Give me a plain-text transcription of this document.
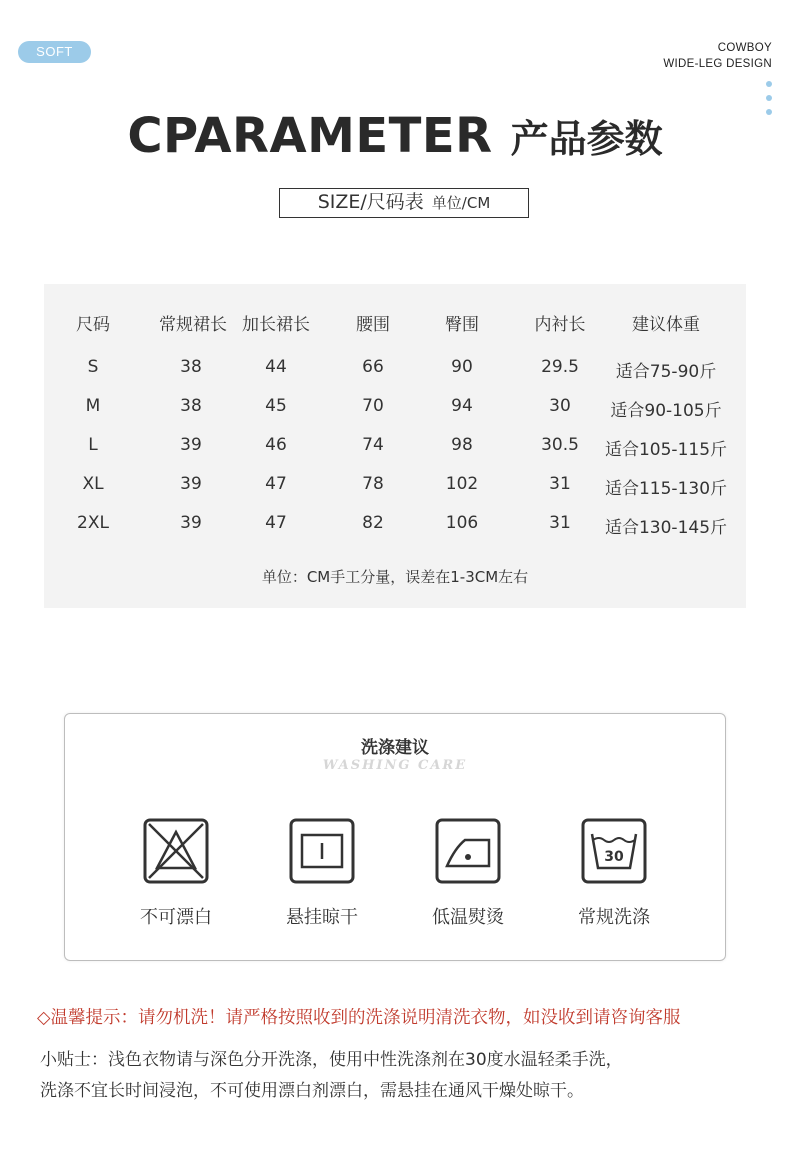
SOFT	COWBOY
WIDE-LEG DESIGN
CPARAMETER 产品参数
SIZE/尺码表 单位/CM
尺码	常规裙长 加长裙长	腰围	臀围	内衬长	建议体重
S	38	44	66	90	29.5 适合75-90斤
M	38	45	70	94	30 适合90-105斤
L	39	46	74	98	30.5 适合105-115斤
XL	39	47	78	102	31 适合115-130斤
2XL	39	47	82	106	31 适合130-145斤
单位：CM手工分量，误差在1-3CM左右
洗涤建议
WASHING CARE
30
不可漂白	悬挂晾干	低温熨烫	常规洗涤
◇温馨提示：请勿机洗！请严格按照收到的洗涤说明清洗衣物，如没收到请咨询客服
小贴士：浅色衣物请与深色分开洗涤，使用中性洗涤剂在30度水温轻柔手洗，
洗涤不宜长时间浸泡，不可使用漂白剂漂白，需悬挂在通风干燥处晾干。
